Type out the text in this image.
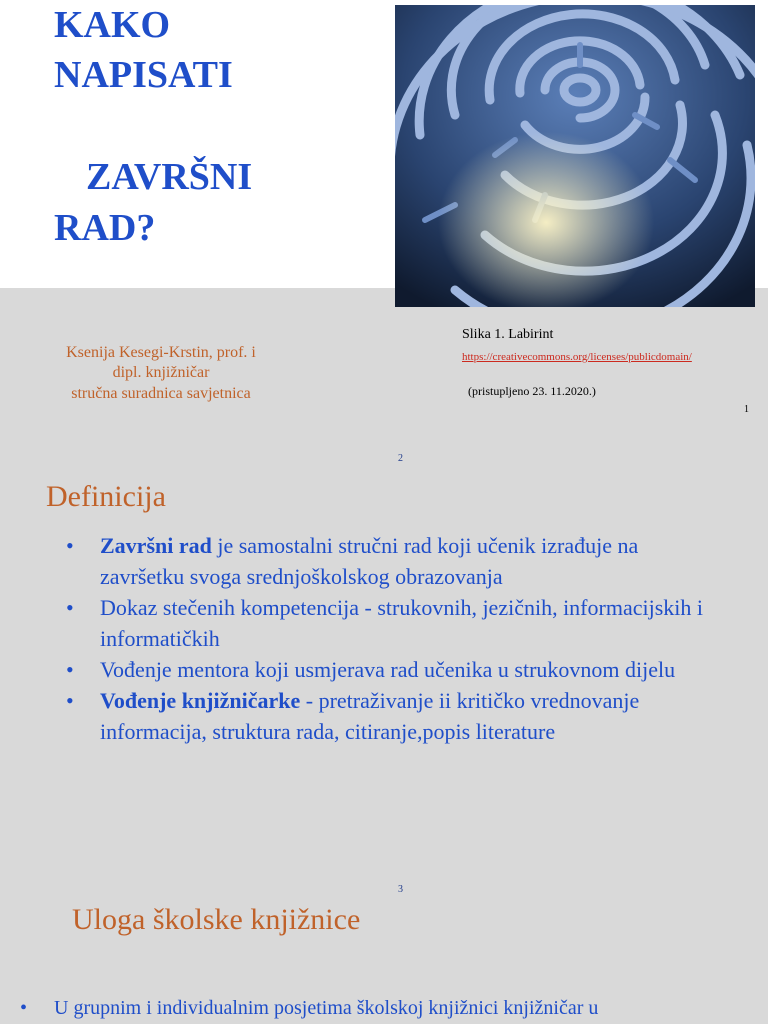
KAKO
NAPISATI
ZAVRŠNI
RAD?
Slika 1. Labirint
https://creativecommons.org/licenses/publicdomain/
(pristupljeno 23. 11.2020.)
Ksenija Kesegi-Krstin, prof. i
dipl. knjižničar
stručna suradnica savjetnica
1
2
Definicija
• Završni rad je samostalni stručni rad koji učenik izrađuje na završetku svoga srednjoškolskog obrazovanja
• Dokaz stečenih kompetencija - strukovnih, jezičnih, informacijskih i informatičkih
• Vođenje mentora koji usmjerava rad učenika u strukovnom dijelu
• Vođenje knjižničarke - pretraživanje ii kritičko vrednovanje informacija, struktura rada, citiranje,popis literature
3
Uloga školske knjižnice
• U grupnim i individualnim posjetima školskoj knjižnici knjižničar u
